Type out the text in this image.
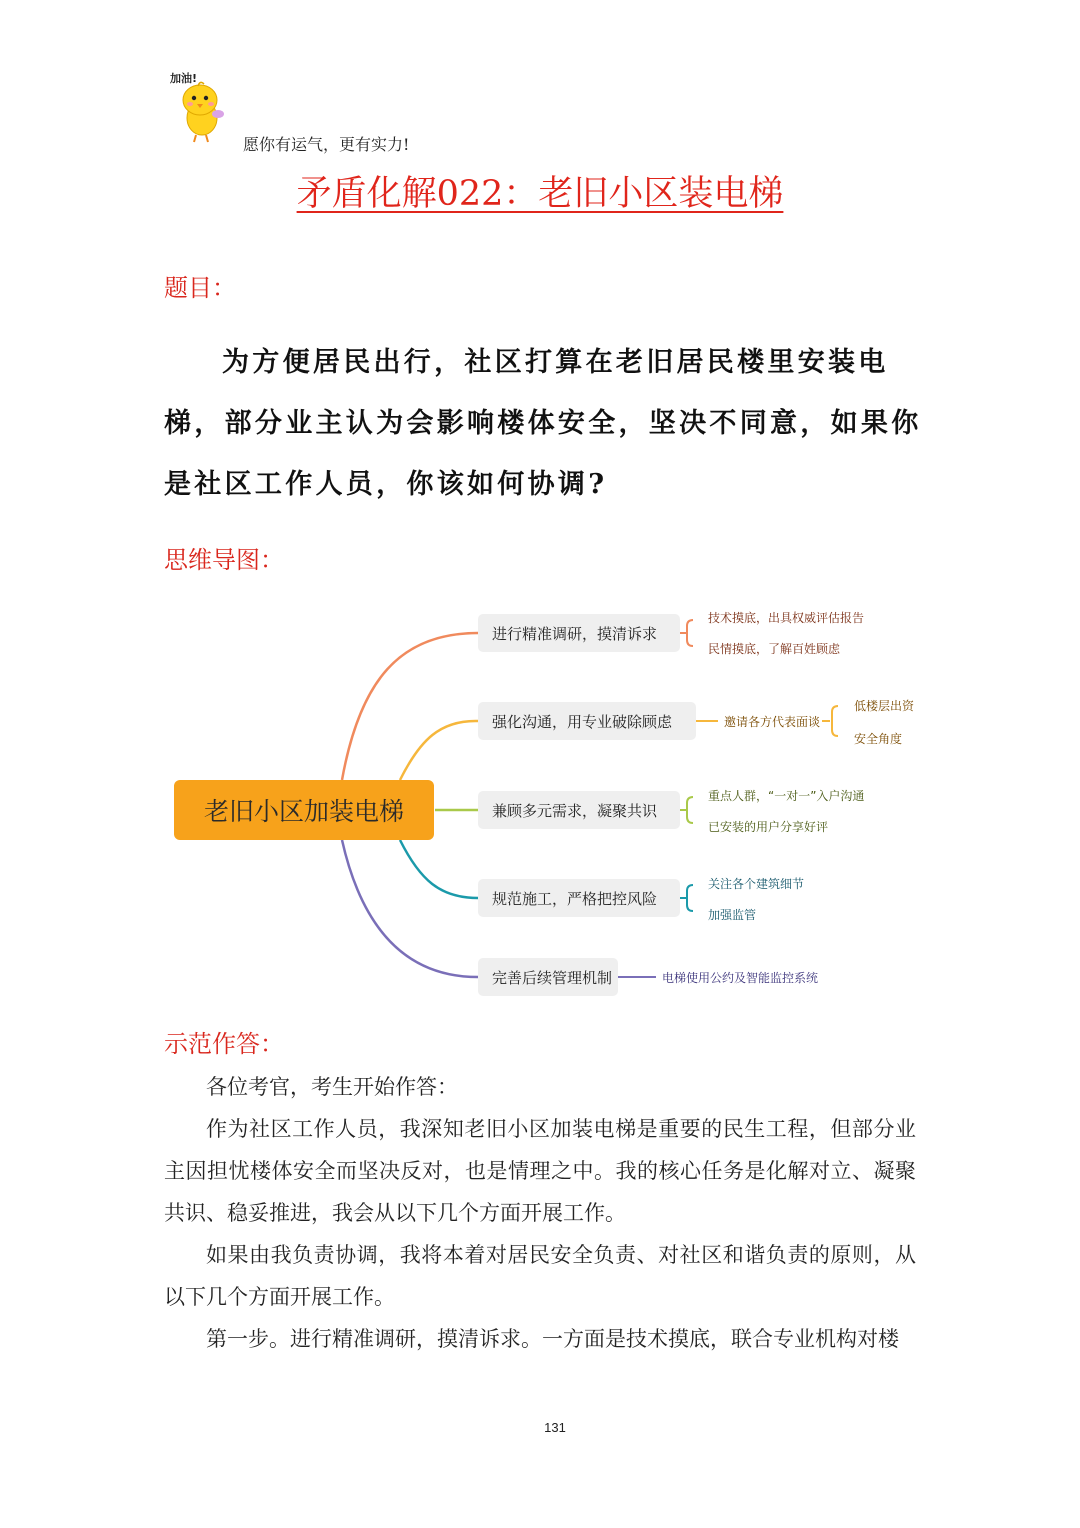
加油!
愿你有运气，更有实力!
矛盾化解022：老旧小区装电梯
题目：
为方便居民出行，社区打算在老旧居民楼里安装电梯，部分业主认为会影响楼体安全，坚决不同意，如果你是社区工作人员，你该如何协调?
思维导图：
老旧小区加装电梯
进行精准调研，摸清诉求
强化沟通，用专业破除顾虑
兼顾多元需求，凝聚共识
规范施工，严格把控风险
完善后续管理机制
技术摸底，出具权威评估报告
民情摸底，了解百姓顾虑
邀请各方代表面谈
低楼层出资
安全角度
重点人群，“一对一”入户沟通
已安装的用户分享好评
关注各个建筑细节
加强监管
电梯使用公约及智能监控系统
示范作答：
各位考官，考生开始作答：
作为社区工作人员，我深知老旧小区加装电梯是重要的民生工程，但部分业主因担忧楼体安全而坚决反对，也是情理之中。我的核心任务是化解对立、凝聚共识、稳妥推进，我会从以下几个方面开展工作。
如果由我负责协调，我将本着对居民安全负责、对社区和谐负责的原则，从以下几个方面开展工作。
第一步。进行精准调研，摸清诉求。一方面是技术摸底，联合专业机构对楼
131
